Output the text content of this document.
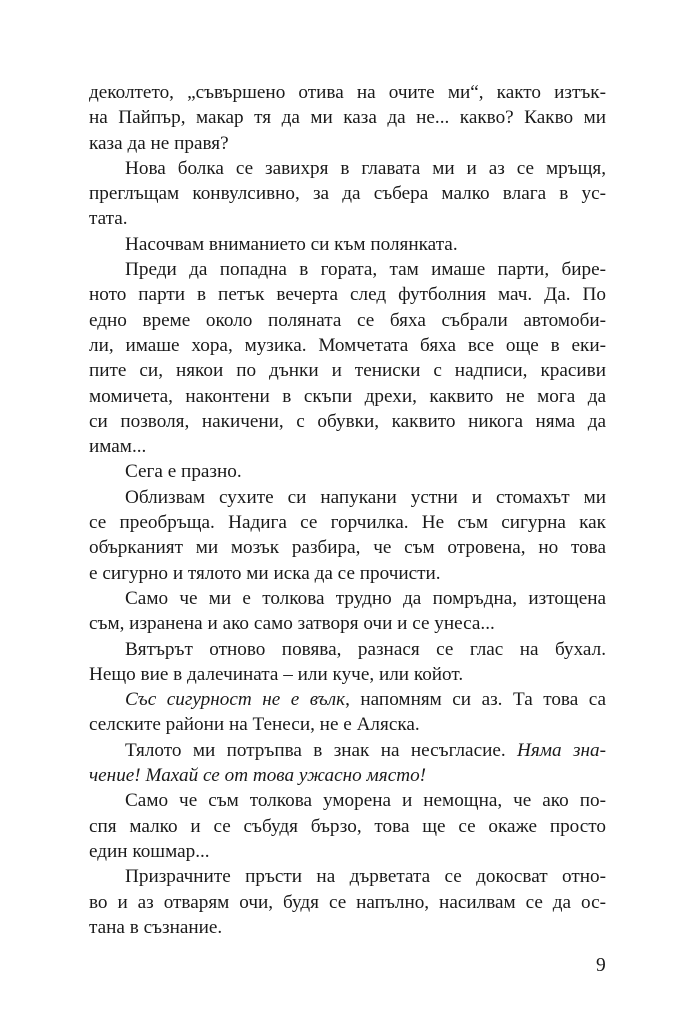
деколтето, „съвършено отива на очите ми“, както изтък-
на Пайпър, макар тя да ми каза да не... какво? Какво ми
каза да не правя?
Нова болка се завихря в главата ми и аз се мръщя,
преглъщам конвулсивно, за да събера малко влага в ус-
тата.
Насочвам вниманието си към полянката.
Преди да попадна в гората, там имаше парти, бире-
ното парти в петък вечерта след футболния мач. Да. По
едно време около поляната се бяха събрали автомоби-
ли, имаше хора, музика. Момчетата бяха все още в еки-
пите си, някои по дънки и тениски с надписи, красиви
момичета, наконтени в скъпи дрехи, каквито не мога да
си позволя, накичени, с обувки, каквито никога няма да
имам...
Сега е празно.
Облизвам сухите си напукани устни и стомахът ми
се преобръща. Надига се горчилка. Не съм сигурна как
объркaният ми мозък разбира, че съм отровена, но това
е сигурно и тялото ми иска да се прочисти.
Само че ми е толкова трудно да помръдна, изтощена
съм, изранена и ако само затворя очи и се унеса...
Вятърът отново повява, разнася се глас на бухал.
Нещо вие в далечината – или куче, или койот.
Със сигурност не е вълк, напомням си аз. Та това са
селските райони на Тенеси, не е Аляска.
Тялото ми потръпва в знак на несъгласие. Няма зна-
чение! Махай се от това ужасно място!
Само че съм толкова уморена и немощна, че ако по-
спя малко и се събудя бързо, това ще се окаже просто
един кошмар...
Призрачните пръсти на дърветата се докосват отно-
во и аз отварям очи, будя се напълно, насилвам се да ос-
тана в съзнание.
9
